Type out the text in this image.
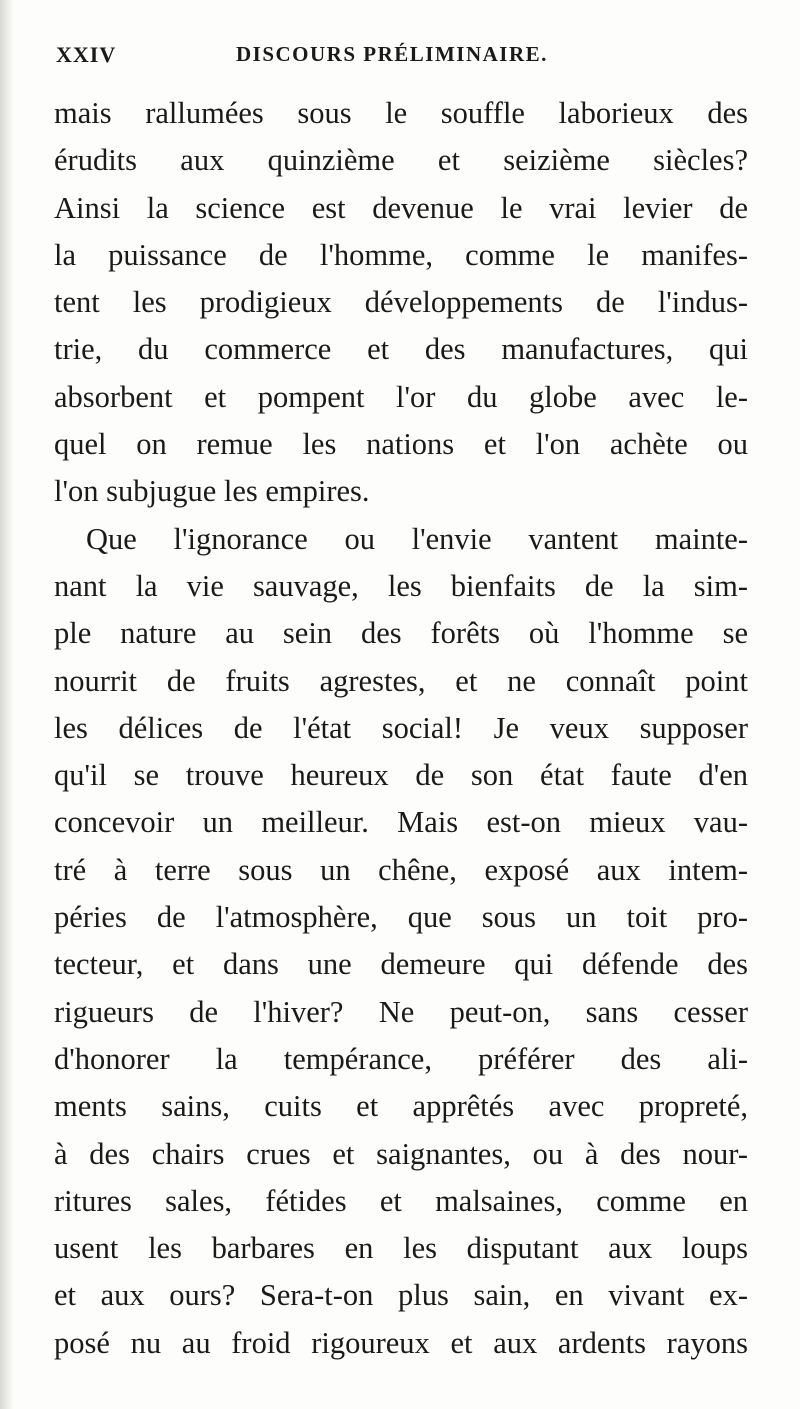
XXIV	DISCOURS PRÉLIMINAIRE.
mais rallumées sous le souffle laborieux des
érudits aux quinzième et seizième siècles?
Ainsi la science est devenue le vrai levier de
la puissance de l'homme, comme le manifes-
tent les prodigieux développements de l'indus-
trie, du commerce et des manufactures, qui
absorbent et pompent l'or du globe avec le-
quel on remue les nations et l'on achète ou
l'on subjugue les empires.
Que l'ignorance ou l'envie vantent mainte-
nant la vie sauvage, les bienfaits de la sim-
ple nature au sein des forêts où l'homme se
nourrit de fruits agrestes, et ne connaît point
les délices de l'état social! Je veux supposer
qu'il se trouve heureux de son état faute d'en
concevoir un meilleur. Mais est-on mieux vau-
tré à terre sous un chêne, exposé aux intem-
péries de l'atmosphère, que sous un toit pro-
tecteur, et dans une demeure qui défende des
rigueurs de l'hiver? Ne peut-on, sans cesser
d'honorer la tempérance, préférer des ali-
ments sains, cuits et apprêtés avec propreté,
à des chairs crues et saignantes, ou à des nour-
ritures sales, fétides et malsaines, comme en
usent les barbares en les disputant aux loups
et aux ours? Sera-t-on plus sain, en vivant ex-
posé nu au froid rigoureux et aux ardents rayons
